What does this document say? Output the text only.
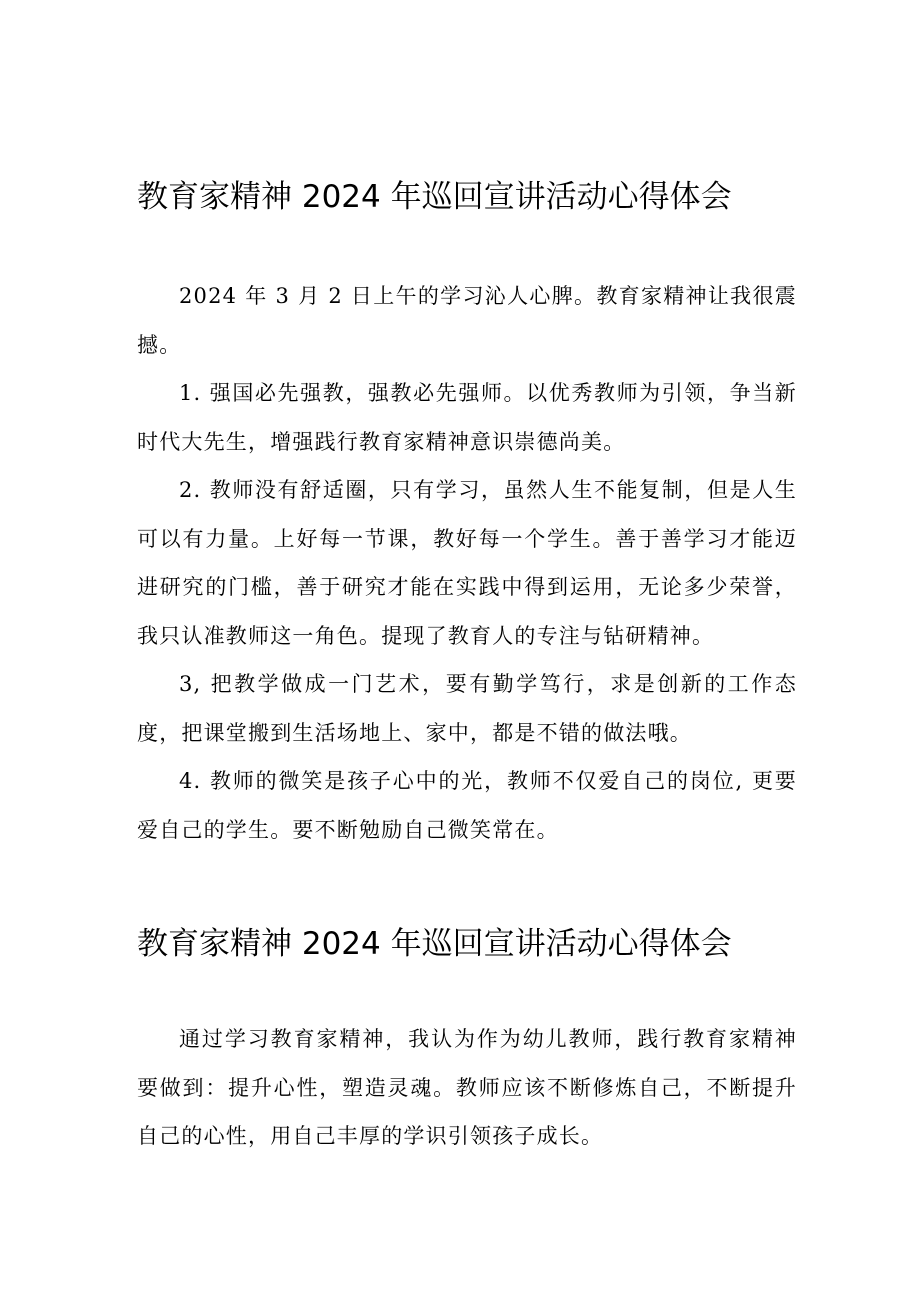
教育家精神 2024 年巡回宣讲活动心得体会

2024 年 3 月 2 日上午的学习沁人心脾。教育家精神让我很震撼。

1. 强国必先强教，强教必先强师。以优秀教师为引领，争当新时代大先生，增强践行教育家精神意识崇德尚美。

2. 教师没有舒适圈，只有学习，虽然人生不能复制，但是人生可以有力量。上好每一节课，教好每一个学生。善于善学习才能迈进研究的门槛，善于研究才能在实践中得到运用，无论多少荣誉，我只认准教师这一角色。提现了教育人的专注与钻研精神。

3, 把教学做成一门艺术，要有勤学笃行，求是创新的工作态度，把课堂搬到生活场地上、家中，都是不错的做法哦。

4. 教师的微笑是孩子心中的光，教师不仅爱自己的岗位, 更要爱自己的学生。要不断勉励自己微笑常在。

教育家精神 2024 年巡回宣讲活动心得体会

通过学习教育家精神，我认为作为幼儿教师，践行教育家精神要做到：提升心性，塑造灵魂。教师应该不断修炼自己，不断提升自己的心性，用自己丰厚的学识引领孩子成长。
